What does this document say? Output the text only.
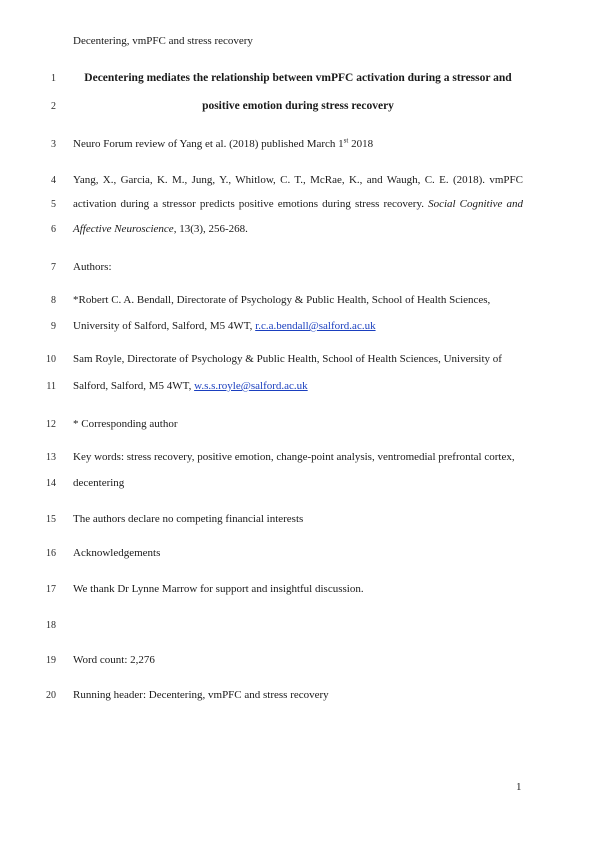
Decentering, vmPFC and stress recovery
1
2
3
4
5
6
7
8
9
10
11
12
13
14
15
16
17
18
19
20
Decentering mediates the relationship between vmPFC activation during a stressor and
positive emotion during stress recovery
Neuro Forum review of Yang et al. (2018) published March 1st 2018
Yang, X., Garcia, K. M., Jung, Y., Whitlow, C. T., McRae, K., and Waugh, C. E. (2018). vmPFC
activation during a stressor predicts positive emotions during stress recovery. Social Cognitive and
Affective Neuroscience, 13(3), 256-268.
Authors:
*Robert C. A. Bendall, Directorate of Psychology & Public Health, School of Health Sciences,
University of Salford, Salford, M5 4WT, r.c.a.bendall@salford.ac.uk
Sam Royle, Directorate of Psychology & Public Health, School of Health Sciences, University of
Salford, Salford, M5 4WT, w.s.s.royle@salford.ac.uk
* Corresponding author
Key words: stress recovery, positive emotion, change-point analysis, ventromedial prefrontal cortex,
decentering
The authors declare no competing financial interests
Acknowledgements
We thank Dr Lynne Marrow for support and insightful discussion.
Word count: 2,276
Running header: Decentering, vmPFC and stress recovery
1
